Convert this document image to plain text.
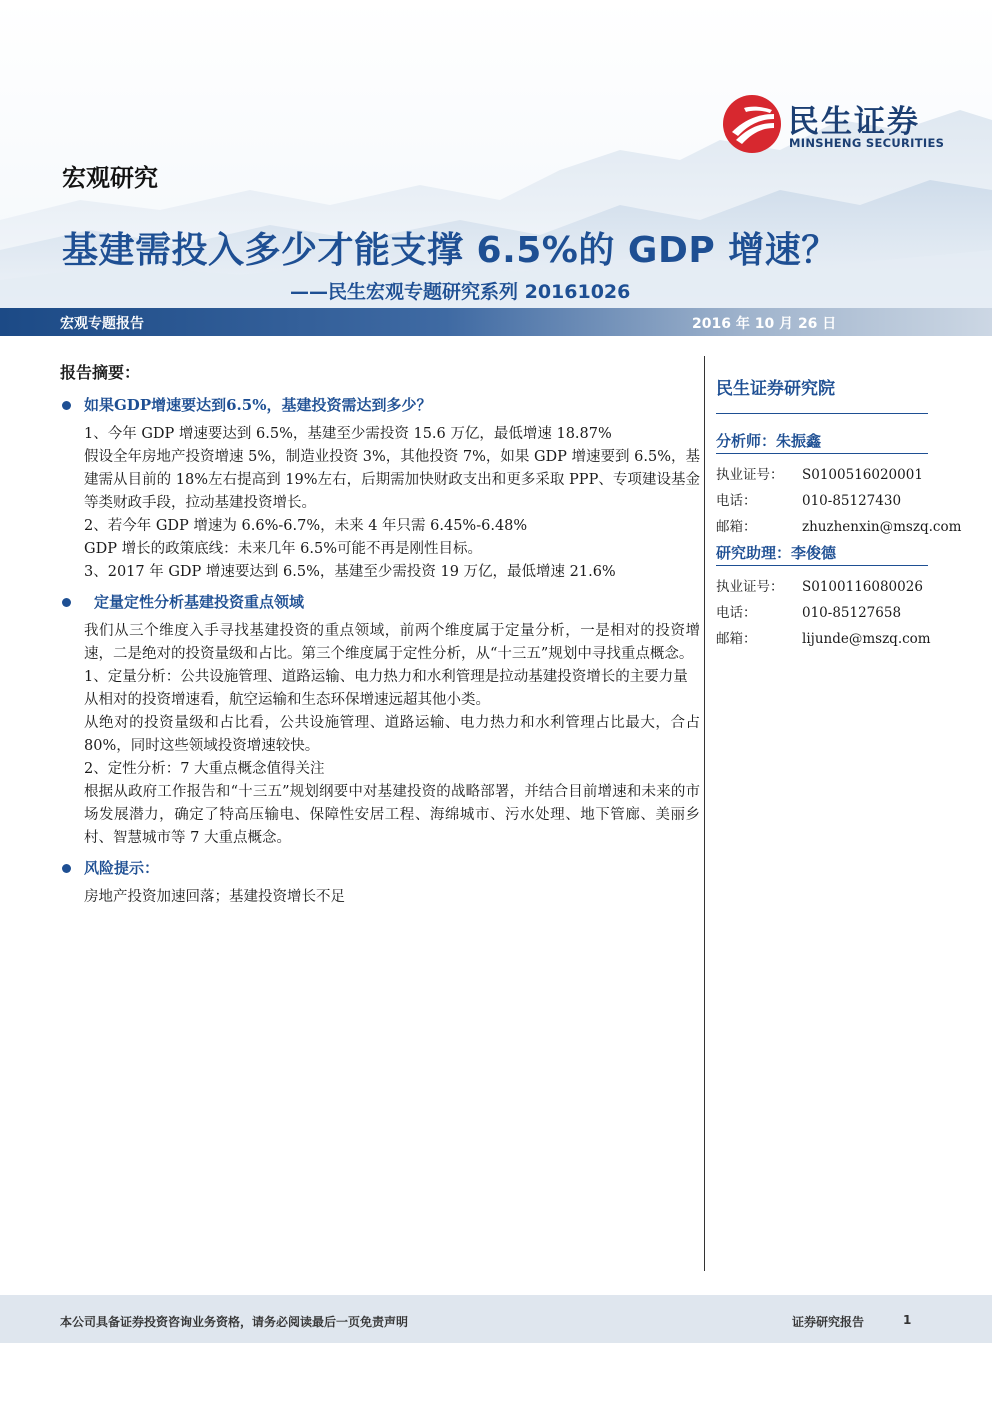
民生证券
MINSHENG SECURITIES
宏观研究
基建需投入多少才能支撑 6.5%的 GDP 增速？
——民生宏观专题研究系列 20161026
宏观专题报告	2016 年 10 月 26 日
报告摘要：
如果GDP增速要达到6.5%，基建投资需达到多少？
1、今年 GDP 增速要达到 6.5%，基建至少需投资 15.6 万亿，最低增速 18.87%
假设全年房地产投资增速 5%，制造业投资 3%，其他投资 7%，如果 GDP 增速要到 6.5%，基建需从目前的 18%左右提高到 19%左右，后期需加快财政支出和更多采取 PPP、专项建设基金等类财政手段，拉动基建投资增长。
2、若今年 GDP 增速为 6.6%-6.7%，未来 4 年只需 6.45%-6.48%
GDP 增长的政策底线：未来几年 6.5%可能不再是刚性目标。
3、2017 年 GDP 增速要达到 6.5%，基建至少需投资 19 万亿，最低增速 21.6%
定量定性分析基建投资重点领域
我们从三个维度入手寻找基建投资的重点领域，前两个维度属于定量分析，一是相对的投资增速，二是绝对的投资量级和占比。第三个维度属于定性分析，从“十三五”规划中寻找重点概念。
1、定量分析：公共设施管理、道路运输、电力热力和水利管理是拉动基建投资增长的主要力量
从相对的投资增速看，航空运输和生态环保增速远超其他小类。
从绝对的投资量级和占比看，公共设施管理、道路运输、电力热力和水利管理占比最大，合占 80%，同时这些领域投资增速较快。
2、定性分析：7 大重点概念值得关注
根据从政府工作报告和“十三五”规划纲要中对基建投资的战略部署，并结合目前增速和未来的市场发展潜力，确定了特高压输电、保障性安居工程、海绵城市、污水处理、地下管廊、美丽乡村、智慧城市等 7 大重点概念。
风险提示：
房地产投资加速回落；基建投资增长不足
民生证券研究院
分析师：朱振鑫
执业证号： S0100516020001
电话：	010-85127430
邮箱：	zhuzhenxin@mszq.com
研究助理：李俊德
执业证号： S0100116080026
电话：	010-85127658
邮箱：	lijunde@mszq.com
本公司具备证券投资咨询业务资格，请务必阅读最后一页免责声明	证券研究报告	1
